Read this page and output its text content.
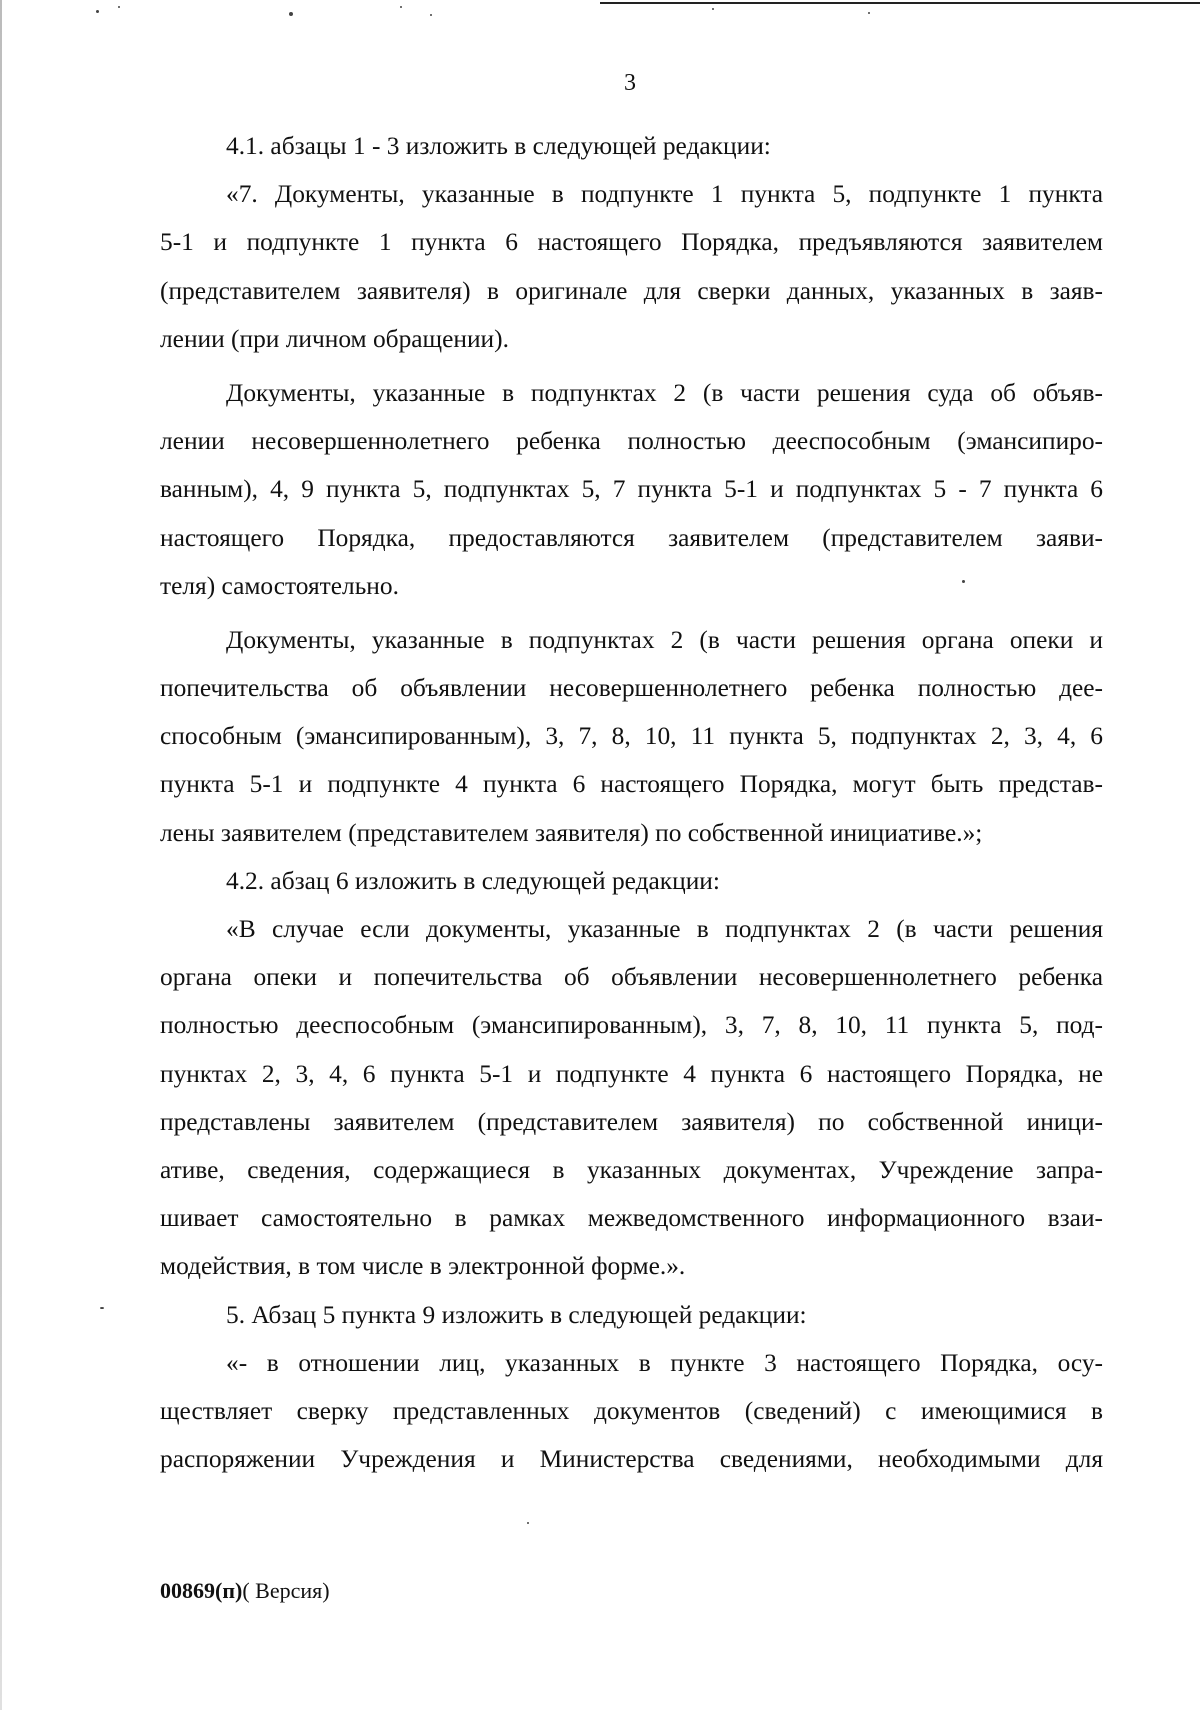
3
4.1. абзацы 1 - 3 изложить в следующей редакции:
«7. Документы, указанные в подпункте 1 пункта 5, подпункте 1 пункта
5-1 и подпункте 1 пункта 6 настоящего Порядка, предъявляются заявителем
(представителем заявителя) в оригинале для сверки данных, указанных в заяв-
лении (при личном обращении).
Документы, указанные в подпунктах 2 (в части решения суда об объяв-
лении несовершеннолетнего ребенка полностью дееспособным (эмансипиро-
ванным), 4, 9 пункта 5, подпунктах 5, 7 пункта 5-1 и подпунктах 5 - 7 пункта 6
настоящего Порядка, предоставляются заявителем (представителем заяви-
теля) самостоятельно.
Документы, указанные в подпунктах 2 (в части решения органа опеки и
попечительства об объявлении несовершеннолетнего ребенка полностью дее-
способным (эмансипированным), 3, 7, 8, 10, 11 пункта 5, подпунктах 2, 3, 4, 6
пункта 5-1 и подпункте 4 пункта 6 настоящего Порядка, могут быть представ-
лены заявителем (представителем заявителя) по собственной инициативе.»;
4.2. абзац 6 изложить в следующей редакции:
«В случае если документы, указанные в подпунктах 2 (в части решения
органа опеки и попечительства об объявлении несовершеннолетнего ребенка
полностью дееспособным (эмансипированным), 3, 7, 8, 10, 11 пункта 5, под-
пунктах 2, 3, 4, 6 пункта 5-1 и подпункте 4 пункта 6 настоящего Порядка, не
представлены заявителем (представителем заявителя) по собственной иници-
ативе, сведения, содержащиеся в указанных документах, Учреждение запра-
шивает самостоятельно в рамках межведомственного информационного взаи-
модействия, в том числе в электронной форме.».
5. Абзац 5 пункта 9 изложить в следующей редакции:
«- в отношении лиц, указанных в пункте 3 настоящего Порядка, осу-
ществляет сверку представленных документов (сведений) с имеющимися в
распоряжении Учреждения и Министерства сведениями, необходимыми для
00869(п)( Версия)
